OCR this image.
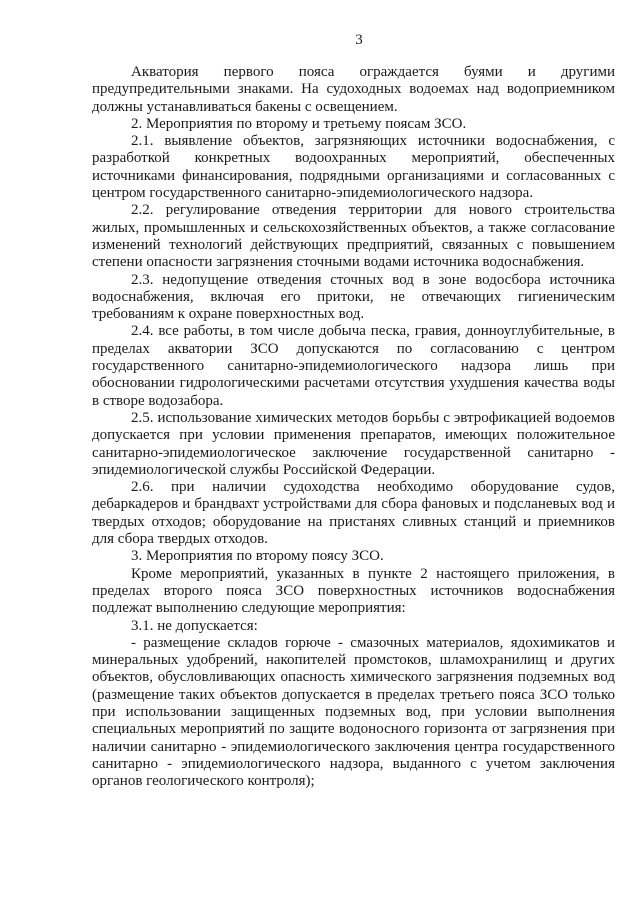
3

Акватория первого пояса ограждается буями и другими предупредительными знаками. На судоходных водоемах над водоприемником должны устанавливаться бакены с освещением.

2. Мероприятия по второму и третьему поясам ЗСО.

2.1. выявление объектов, загрязняющих источники водоснабжения, с разработкой конкретных водоохранных мероприятий, обеспеченных источниками финансирования, подрядными организациями и согласованных с центром государственного санитарно-эпидемиологического надзора.

2.2. регулирование отведения территории для нового строительства жилых, промышленных и сельскохозяйственных объектов, а также согласование изменений технологий действующих предприятий, связанных с повышением степени опасности загрязнения сточными водами источника водоснабжения.

2.3. недопущение отведения сточных вод в зоне водосбора источника водоснабжения, включая его притоки, не отвечающих гигиеническим требованиям к охране поверхностных вод.

2.4. все работы, в том числе добыча песка, гравия, донноуглубительные, в пределах акватории ЗСО допускаются по согласованию с центром государственного санитарно-эпидемиологического надзора лишь при обосновании гидрологическими расчетами отсутствия ухудшения качества воды в створе водозабора.

2.5. использование химических методов борьбы с эвтрофикацией водоемов допускается при условии применения препаратов, имеющих положительное санитарно-эпидемиологическое заключение государственной санитарно - эпидемиологической службы Российской Федерации.

2.6. при наличии судоходства необходимо оборудование судов, дебаркадеров и брандвахт устройствами для сбора фановых и подсланевых вод и твердых отходов; оборудование на пристанях сливных станций и приемников для сбора твердых отходов.

3. Мероприятия по второму поясу ЗСО.

Кроме мероприятий, указанных в пункте 2 настоящего приложения, в пределах второго пояса ЗСО поверхностных источников водоснабжения подлежат выполнению следующие мероприятия:

3.1. не допускается:

- размещение складов горюче - смазочных материалов, ядохимикатов и минеральных удобрений, накопителей промстоков, шламохранилищ и других объектов, обусловливающих опасность химического загрязнения подземных вод (размещение таких объектов допускается в пределах третьего пояса ЗСО только при использовании защищенных подземных вод, при условии выполнения специальных мероприятий по защите водоносного горизонта от загрязнения при наличии санитарно - эпидемиологического заключения центра государственного санитарно - эпидемиологического надзора, выданного с учетом заключения органов геологического контроля);
